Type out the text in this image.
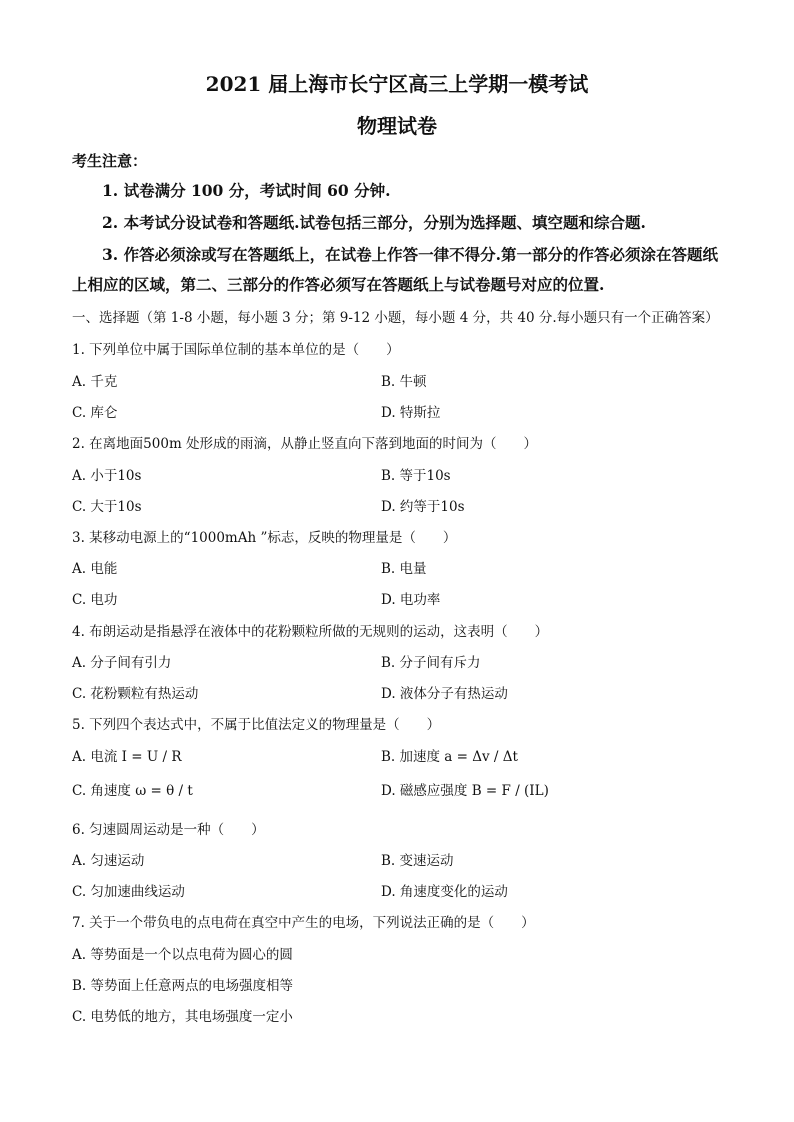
2021 届上海市长宁区高三上学期一模考试
物理试卷
考生注意：
1. 试卷满分 100 分，考试时间 60 分钟.
2. 本考试分设试卷和答题纸.试卷包括三部分，分别为选择题、填空题和综合题.
3. 作答必须涂或写在答题纸上，在试卷上作答一律不得分.第一部分的作答必须涂在答题纸上相应的区域，第二、三部分的作答必须写在答题纸上与试卷题号对应的位置.
一、选择题（第 1-8 小题，每小题 3 分；第 9-12 小题，每小题 4 分，共 40 分.每小题只有一个正确答案）
1. 下列单位中属于国际单位制的基本单位的是（　　）
A. 千克	B. 牛顿
C. 库仑	D. 特斯拉
2. 在离地面500m 处形成的雨滴，从静止竖直向下落到地面的时间为（　　）
A. 小于10s	B. 等于10s
C. 大于10s	D. 约等于10s
3. 某移动电源上的“1000mAh ”标志，反映的物理量是（　　）
A. 电能	B. 电量
C. 电功	D. 电功率
4. 布朗运动是指悬浮在液体中的花粉颗粒所做的无规则的运动，这表明（　　）
A. 分子间有引力	B. 分子间有斥力
C. 花粉颗粒有热运动	D. 液体分子有热运动
5. 下列四个表达式中，不属于比值法定义的物理量是（　　）
A. 电流 I = U / R	B. 加速度 a = Δv / Δt
C. 角速度 ω = θ / t	D. 磁感应强度 B = F / (IL)
6. 匀速圆周运动是一种（　　）
A. 匀速运动	B. 变速运动
C. 匀加速曲线运动	D. 角速度变化的运动
7. 关于一个带负电的点电荷在真空中产生的电场，下列说法正确的是（　　）
A. 等势面是一个以点电荷为圆心的圆
B. 等势面上任意两点的电场强度相等
C. 电势低的地方，其电场强度一定小
